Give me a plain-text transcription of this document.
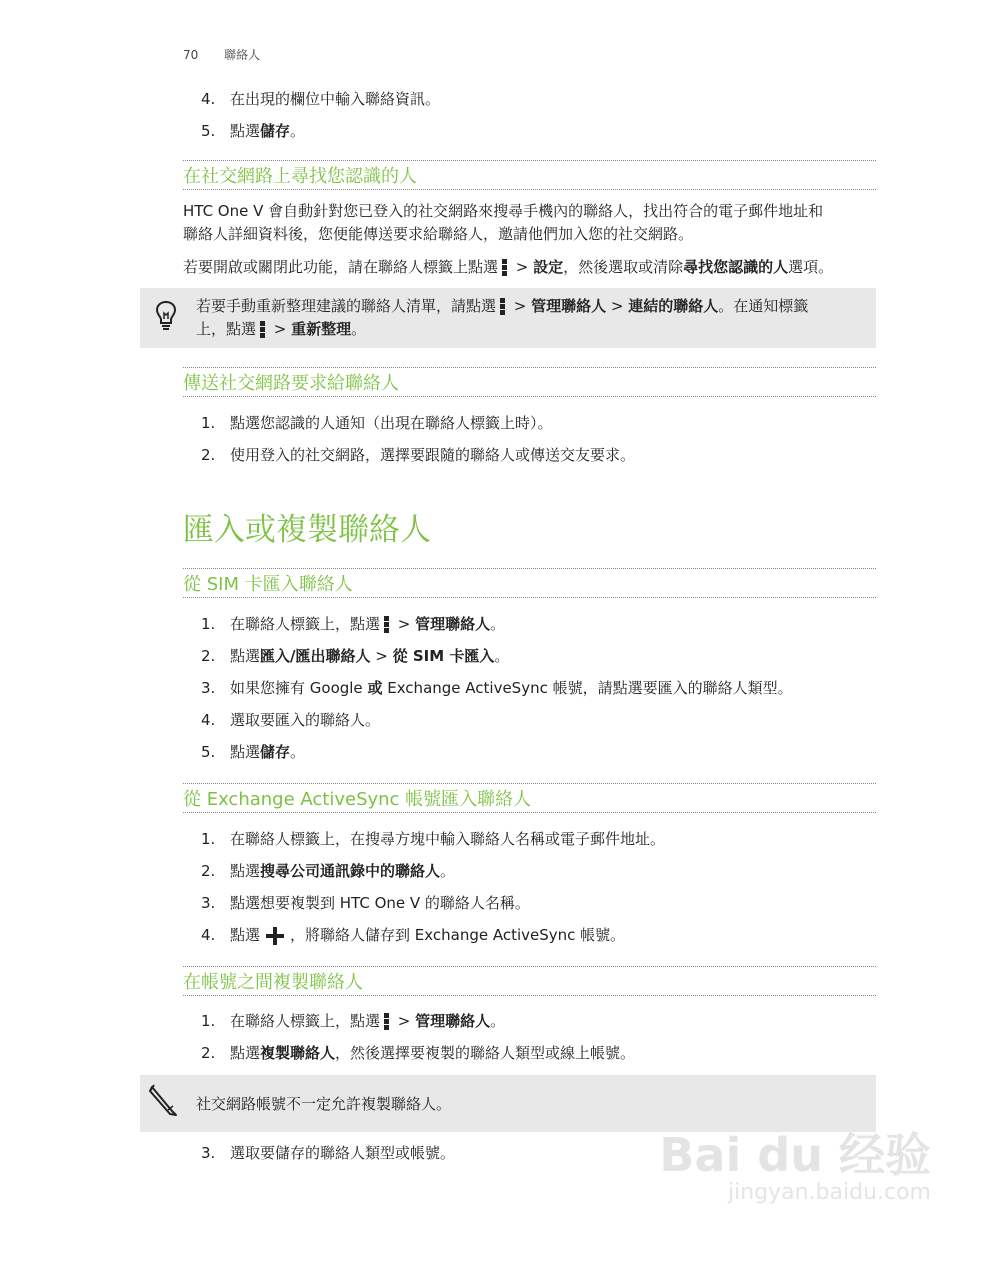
70 聯絡人
4. 在出現的欄位中輸入聯絡資訊。
5. 點選儲存。
在社交網路上尋找您認識的人
HTC One V 會自動針對您已登入的社交網路來搜尋手機內的聯絡人，找出符合的電子郵件地址和
聯絡人詳細資料後，您便能傳送要求給聯絡人，邀請他們加入您的社交網路。
若要開啟或關閉此功能，請在聯絡人標籤上點選
> 設定，然後選取或清除尋找您認識的人選項。
若要手動重新整理建議的聯絡人清單，請點選
> 管理聯絡人 > 連結的聯絡人。在通知標籤
上，點選
> 重新整理。
傳送社交網路要求給聯絡人
1. 點選您認識的人通知（出現在聯絡人標籤上時）。
2. 使用登入的社交網路，選擇要跟隨的聯絡人或傳送交友要求。
匯入或複製聯絡人
從 SIM 卡匯入聯絡人
1. 在聯絡人標籤上，點選
> 管理聯絡人。
2. 點選匯入/匯出聯絡人 > 從 SIM 卡匯入。
3. 如果您擁有 Google 或 Exchange ActiveSync 帳號，請點選要匯入的聯絡人類型。
4. 選取要匯入的聯絡人。
5. 點選儲存。
從 Exchange ActiveSync 帳號匯入聯絡人
1. 在聯絡人標籤上，在搜尋方塊中輸入聯絡人名稱或電子郵件地址。
2. 點選搜尋公司通訊錄中的聯絡人。
3. 點選想要複製到 HTC One V 的聯絡人名稱。
4. 點選 ，將聯絡人儲存到 Exchange ActiveSync 帳號。
在帳號之間複製聯絡人
1. 在聯絡人標籤上，點選
> 管理聯絡人。
2. 點選複製聯絡人，然後選擇要複製的聯絡人類型或線上帳號。
社交網路帳號不一定允許複製聯絡人。
3. 選取要儲存的聯絡人類型或帳號。	Bai du 经验
jingyan.baidu.com
